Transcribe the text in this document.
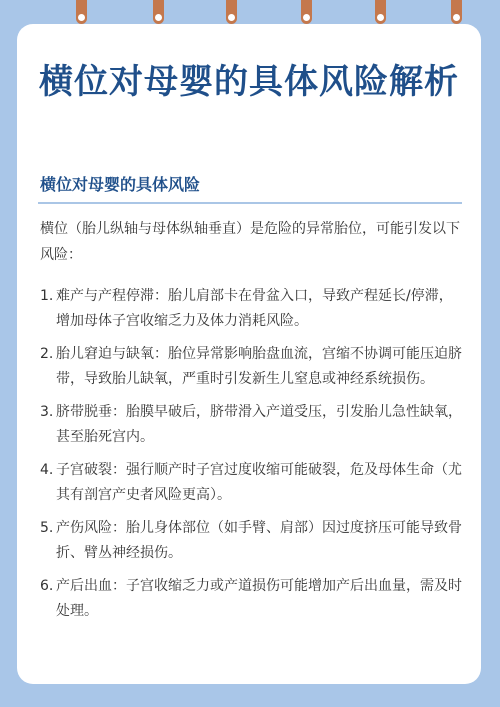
横位对母婴的具体风险解析
横位对母婴的具体风险

横位（胎儿纵轴与母体纵轴垂直）是危险的异常胎位，可能引发以下风险：

1. 难产与产程停滞：胎儿肩部卡在骨盆入口，导致产程延长/停滞，增加母体子宫收缩乏力及体力消耗风险。
2. 胎儿窘迫与缺氧：胎位异常影响胎盘血流，宫缩不协调可能压迫脐带，导致胎儿缺氧，严重时引发新生儿窒息或神经系统损伤。
3. 脐带脱垂：胎膜早破后，脐带滑入产道受压，引发胎儿急性缺氧，甚至胎死宫内。
4. 子宫破裂：强行顺产时子宫过度收缩可能破裂，危及母体生命（尤其有剖宫产史者风险更高）。
5. 产伤风险：胎儿身体部位（如手臂、肩部）因过度挤压可能导致骨折、臂丛神经损伤。
6. 产后出血：子宫收缩乏力或产道损伤可能增加产后出血量，需及时处理。
